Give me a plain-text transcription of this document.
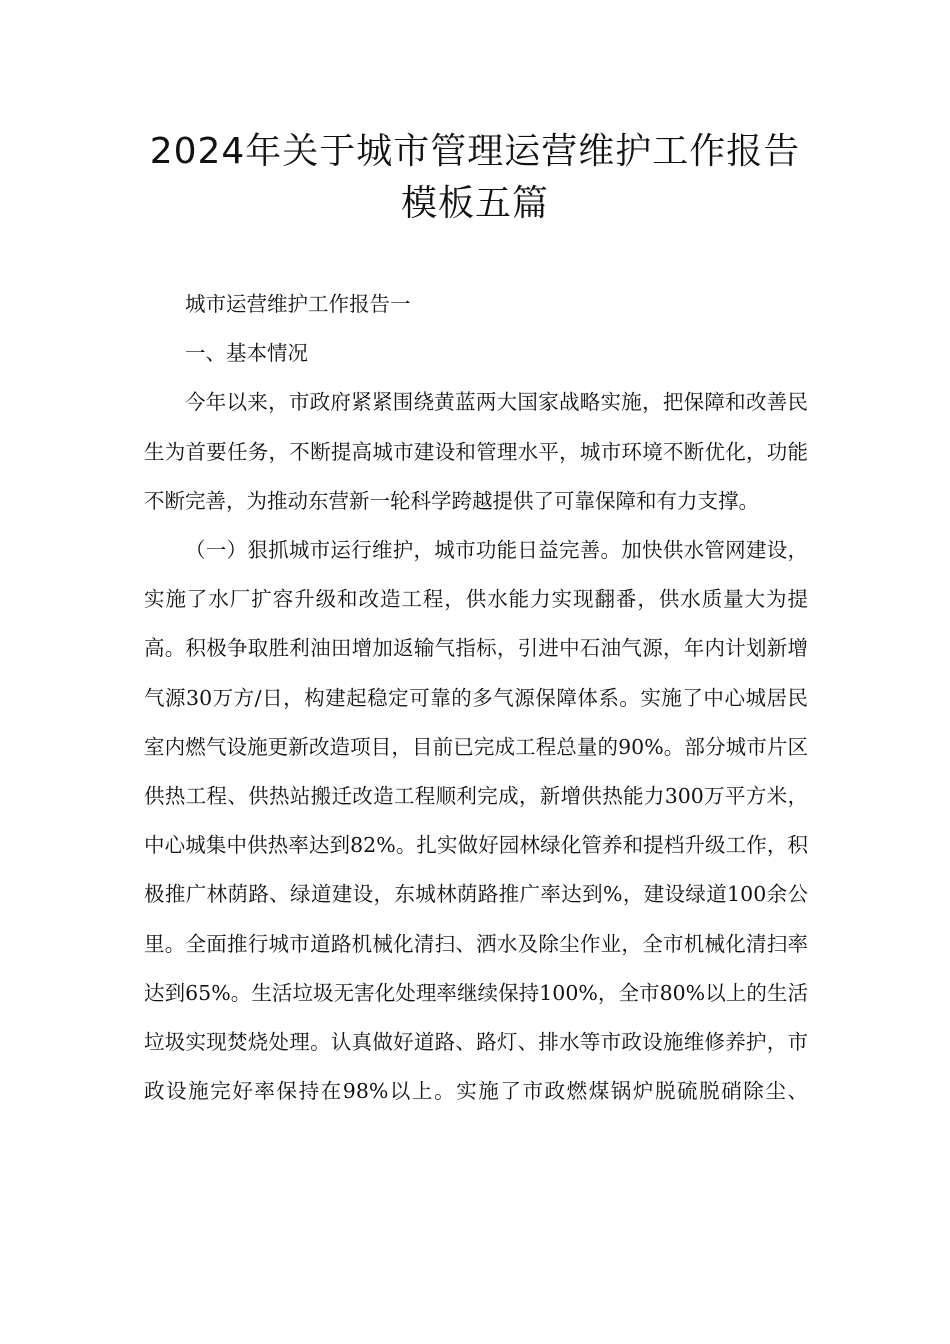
2024年关于城市管理运营维护工作报告
模板五篇

城市运营维护工作报告一

一、基本情况

今年以来，市政府紧紧围绕黄蓝两大国家战略实施，把保障和改善民生为首要任务，不断提高城市建设和管理水平，城市环境不断优化，功能不断完善，为推动东营新一轮科学跨越提供了可靠保障和有力支撑。

（一）狠抓城市运行维护，城市功能日益完善。加快供水管网建设，实施了水厂扩容升级和改造工程，供水能力实现翻番，供水质量大为提高。积极争取胜利油田增加返输气指标，引进中石油气源，年内计划新增气源30万方/日，构建起稳定可靠的多气源保障体系。实施了中心城居民室内燃气设施更新改造项目，目前已完成工程总量的90%。部分城市片区供热工程、供热站搬迁改造工程顺利完成，新增供热能力300万平方米，中心城集中供热率达到82%。扎实做好园林绿化管养和提档升级工作，积极推广林荫路、绿道建设，东城林荫路推广率达到%，建设绿道100余公里。全面推行城市道路机械化清扫、洒水及除尘作业，全市机械化清扫率达到65%。生活垃圾无害化处理率继续保持100%，全市80%以上的生活垃圾实现焚烧处理。认真做好道路、路灯、排水等市政设施维修养护，市政设施完好率保持在98%以上。实施了市政燃煤锅炉脱硫脱硝除尘、
